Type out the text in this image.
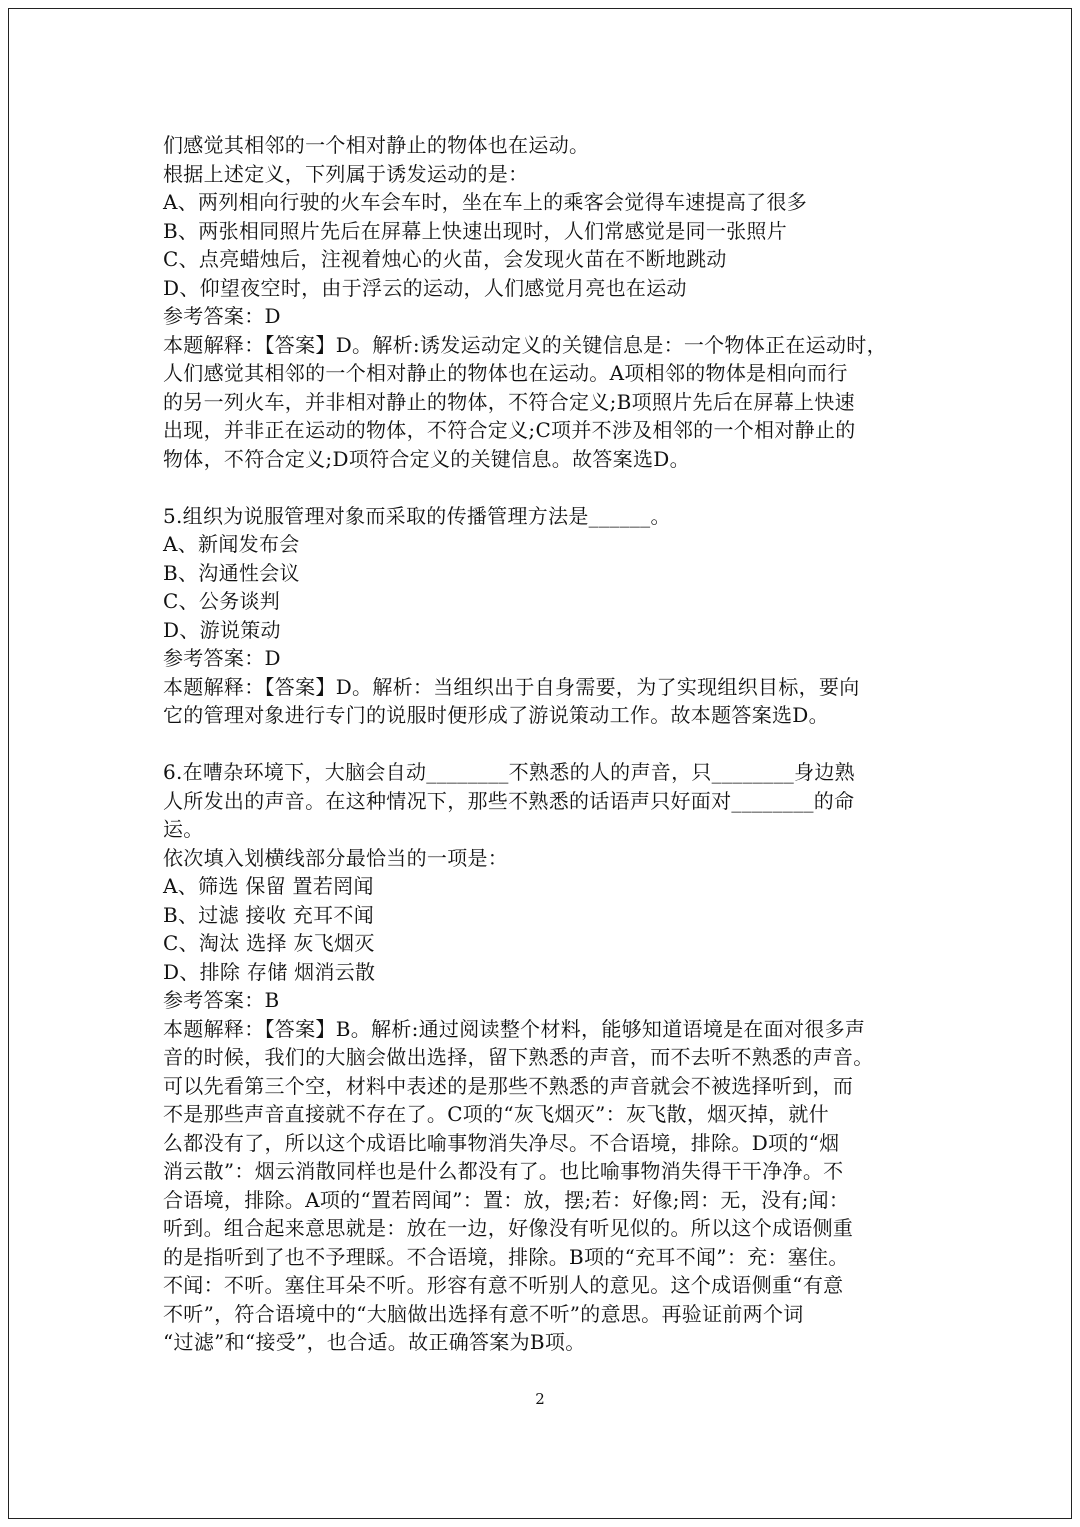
们感觉其相邻的一个相对静止的物体也在运动。
根据上述定义，下列属于诱发运动的是：
A、两列相向行驶的火车会车时，坐在车上的乘客会觉得车速提高了很多
B、两张相同照片先后在屏幕上快速出现时，人们常感觉是同一张照片
C、点亮蜡烛后，注视着烛心的火苗，会发现火苗在不断地跳动
D、仰望夜空时，由于浮云的运动，人们感觉月亮也在运动
参考答案：D
本题解释：【答案】D。解析:诱发运动定义的关键信息是：一个物体正在运动时，
人们感觉其相邻的一个相对静止的物体也在运动。A项相邻的物体是相向而行
的另一列火车，并非相对静止的物体，不符合定义;B项照片先后在屏幕上快速
出现，并非正在运动的物体，不符合定义;C项并不涉及相邻的一个相对静止的
物体，不符合定义;D项符合定义的关键信息。故答案选D。
5.组织为说服管理对象而采取的传播管理方法是______。
A、新闻发布会
B、沟通性会议
C、公务谈判
D、游说策动
参考答案：D
本题解释：【答案】D。解析：当组织出于自身需要，为了实现组织目标，要向
它的管理对象进行专门的说服时便形成了游说策动工作。故本题答案选D。
6.在嘈杂环境下，大脑会自动________不熟悉的人的声音，只________身边熟
人所发出的声音。在这种情况下，那些不熟悉的话语声只好面对________的命
运。
依次填入划横线部分最恰当的一项是：
A、筛选 保留 置若罔闻
B、过滤 接收 充耳不闻
C、淘汰 选择 灰飞烟灭
D、排除 存储 烟消云散
参考答案：B
本题解释：【答案】B。解析:通过阅读整个材料，能够知道语境是在面对很多声
音的时候，我们的大脑会做出选择，留下熟悉的声音，而不去听不熟悉的声音。
可以先看第三个空，材料中表述的是那些不熟悉的声音就会不被选择听到，而
不是那些声音直接就不存在了。C项的“灰飞烟灭”：灰飞散，烟灭掉，就什
么都没有了，所以这个成语比喻事物消失净尽。不合语境，排除。D项的“烟
消云散”：烟云消散同样也是什么都没有了。也比喻事物消失得干干净净。不
合语境，排除。A项的“置若罔闻”：置：放，摆;若：好像;罔：无，没有;闻：
听到。组合起来意思就是：放在一边，好像没有听见似的。所以这个成语侧重
的是指听到了也不予理睬。不合语境，排除。B项的“充耳不闻”：充：塞住。
不闻：不听。塞住耳朵不听。形容有意不听别人的意见。这个成语侧重“有意
不听”，符合语境中的“大脑做出选择有意不听”的意思。再验证前两个词
“过滤”和“接受”，也合适。故正确答案为B项。
2
